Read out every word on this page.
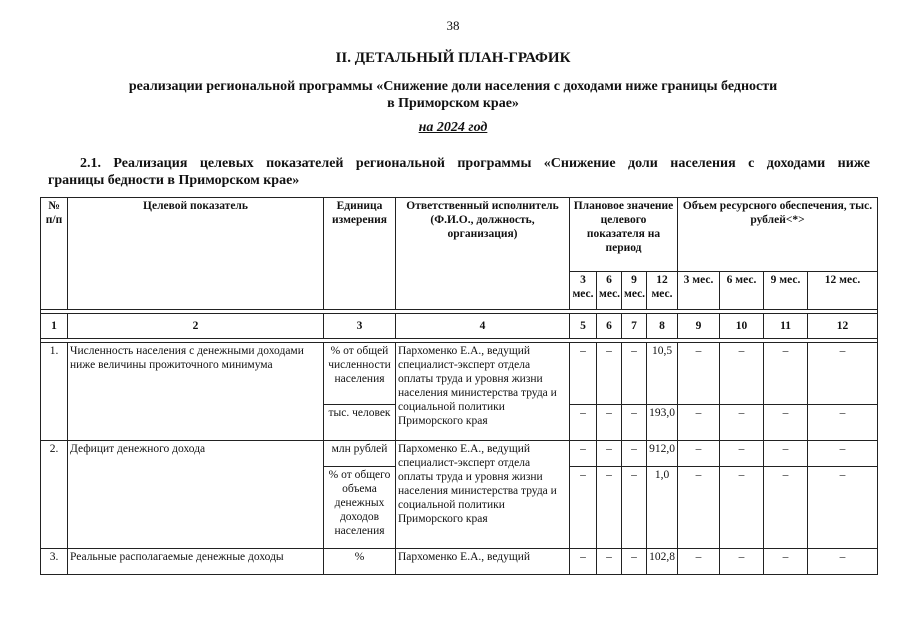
38
II. ДЕТАЛЬНЫЙ ПЛАН-ГРАФИК
реализации региональной программы «Снижение доли населения с доходами ниже границы бедности
в Приморском крае»
на 2024 год
2.1. Реализация целевых показателей региональной программы «Снижение доли населения с доходами ниже
границы бедности в Приморском крае»
№ п/п	Целевой показатель	Единица измерения	Ответственный исполнитель (Ф.И.О., должность, организация)	Плановое значение целевого показателя на период				Объем ресурсного обеспечения, тыс. рублей<*>			
				3 мес.	6 мес.	9 мес.	12 мес.	3 мес.	6 мес.	9 мес.	12 мес.

1	2	3	4	5	6	7	8	9	10	11	12

1.	Численность населения с денежными доходами ниже величины прожиточного минимума	% от общей численности населения	Пархоменко Е.А., ведущий специалист-эксперт отдела оплаты труда и уровня жизни населения министерства труда и социальной политики Приморского края	–	–	–	10,5	–	–	–	–
		тыс. человек		–	–	–	193,0	–	–	–	–
2.	Дефицит денежного дохода	млн рублей	Пархоменко Е.А., ведущий специалист-эксперт отдела оплаты труда и уровня жизни населения министерства труда и социальной политики Приморского края	–	–	–	912,0	–	–	–	–
		% от общего объема денежных доходов населения		–	–	–	1,0	–	–	–	–
3.	Реальные располагаемые денежные доходы	%	Пархоменко Е.А., ведущий	–	–	–	102,8	–	–	–	–
